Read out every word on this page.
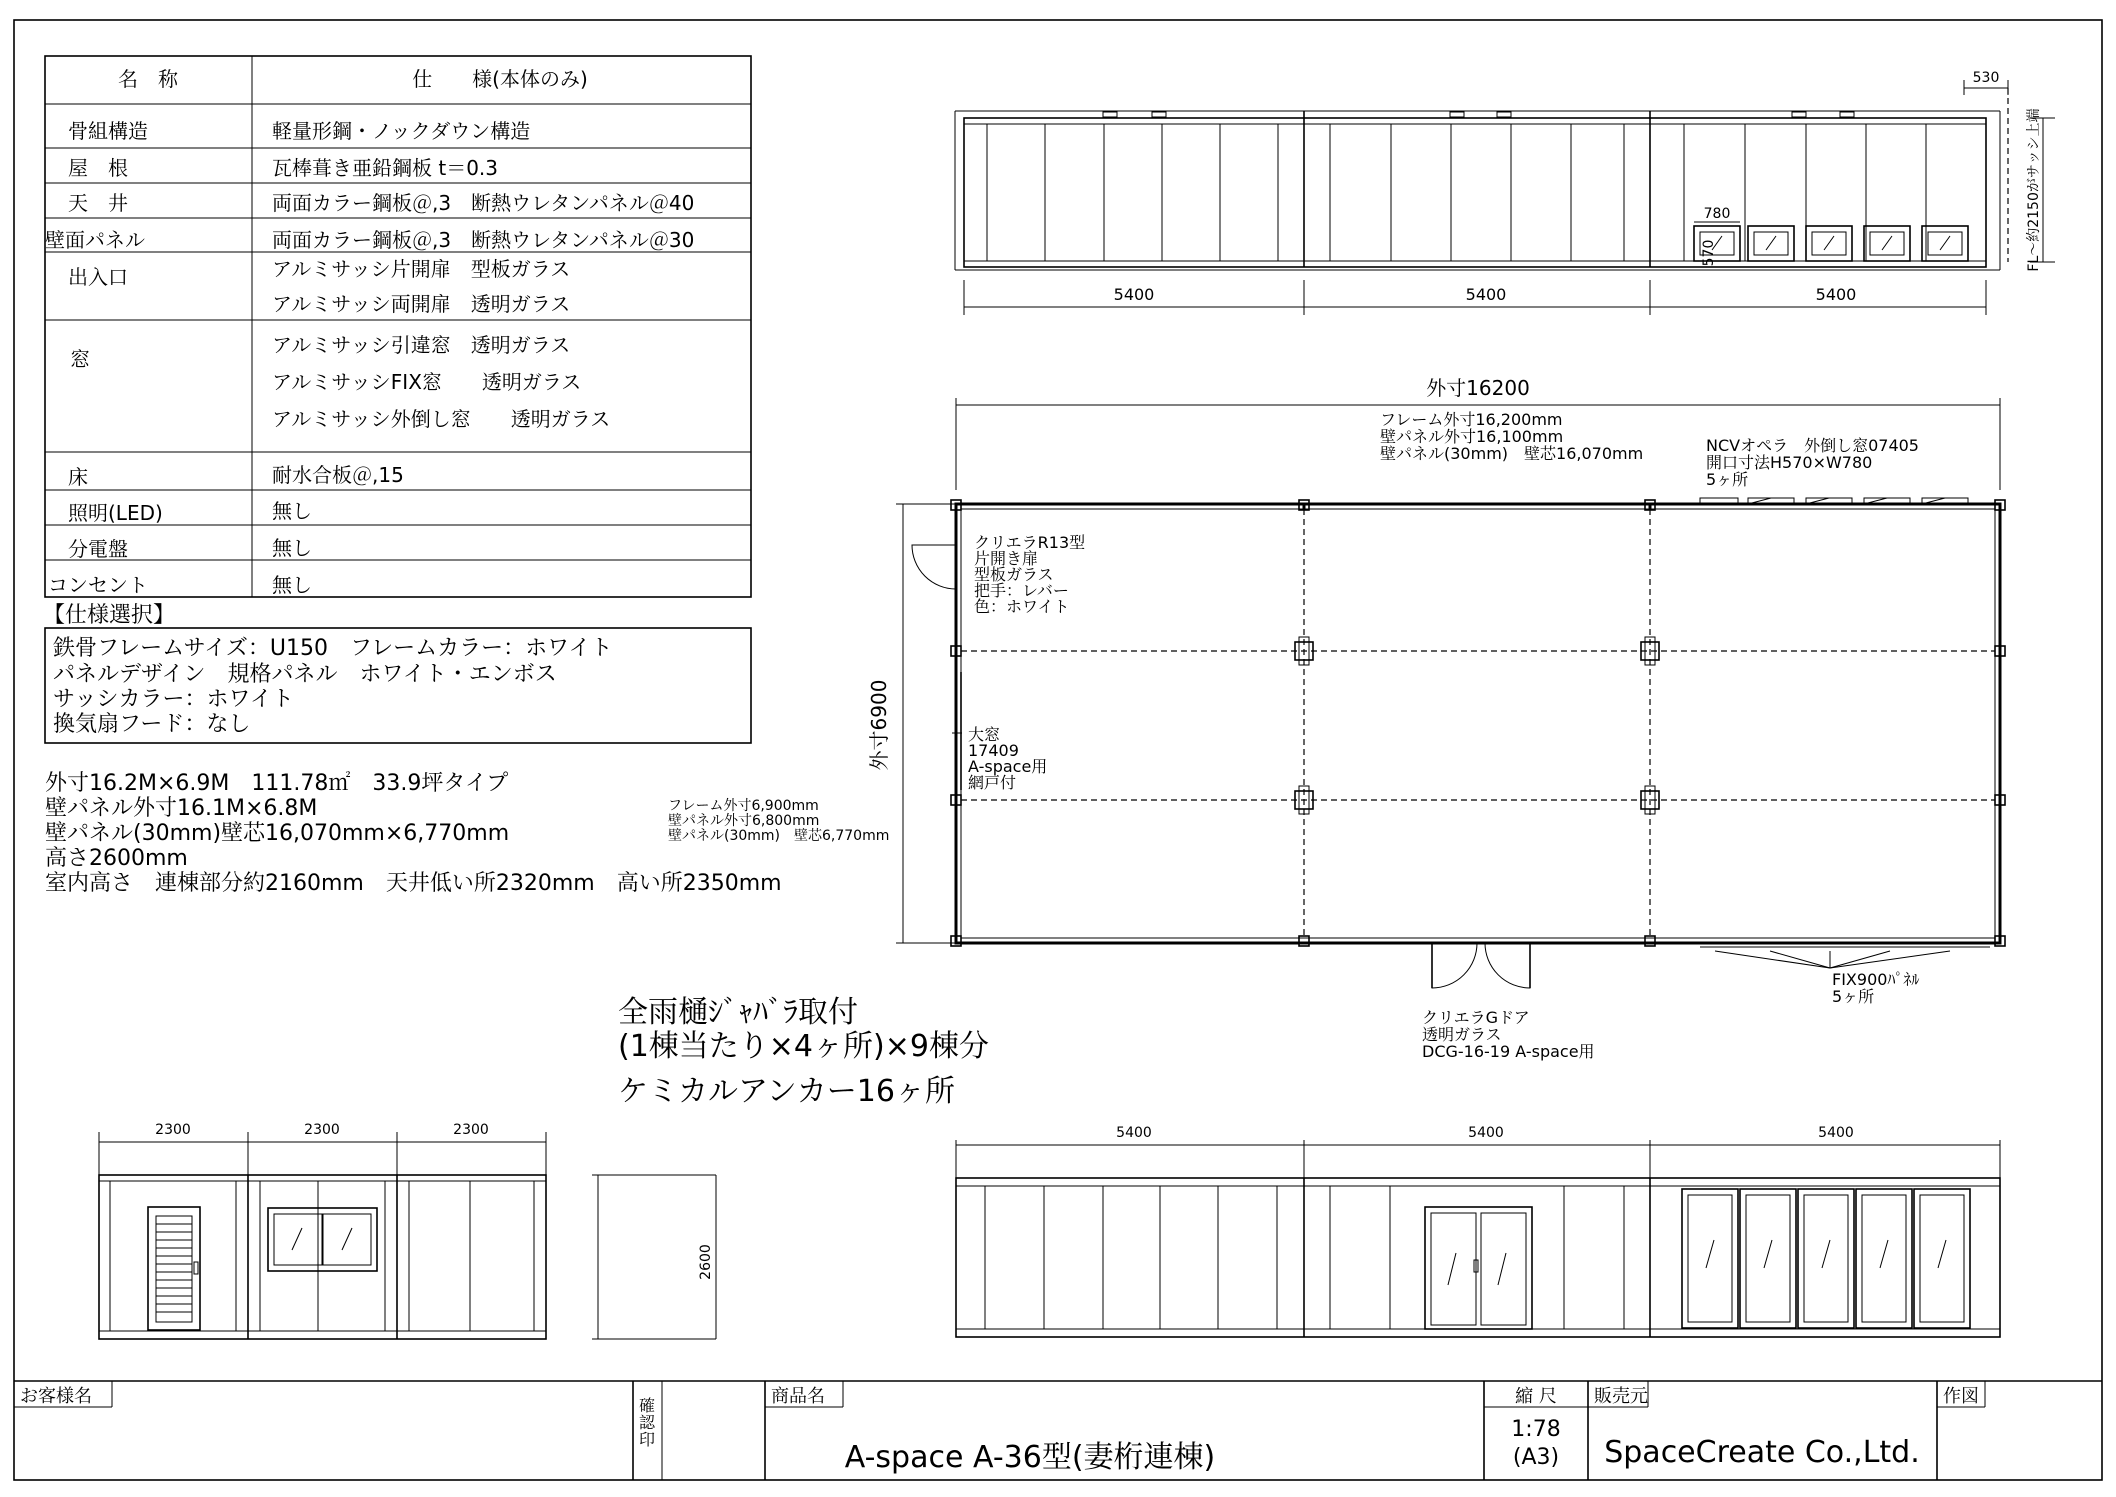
名　称	仕　　様(本体のみ)
骨組構造	軽量形鋼・ノックダウン構造
屋　根	瓦棒葺き亜鉛鋼板 t＝0.3
天　井	両面カラー鋼板＠,3　断熱ウレタンパネル＠40
壁面パネル	両面カラー鋼板＠,3　断熱ウレタンパネル＠30
出入口	アルミサッシ片開扉　型板ガラス
アルミサッシ両開扉　透明ガラス
窓
アルミサッシ引違窓　透明ガラス
アルミサッシFIX窓　　透明ガラス
アルミサッシ外倒し窓　　透明ガラス
床	耐水合板＠,15
照明(LED)	無し
分電盤	無し
コンセント	無し
【仕様選択】
鉄骨フレームサイズ：U150　フレームカラー：ホワイト
パネルデザイン　規格パネル　ホワイト・エンボス
サッシカラー：ホワイト
換気扇フード：なし
外寸16.2M×6.9M　111.78㎡　33.9坪タイプ
壁パネル外寸16.1M×6.8M
壁パネル(30mm)壁芯16,070mm×6,770mm
高さ2600mm
室内高さ　連棟部分約2160mm　天井低い所2320mm　高い所2350mm
全雨樋ｼﾞｬﾊﾞﾗ取付
(1棟当たり×4ヶ所)×9棟分
ケミカルアンカー16ヶ所
780
570
5400	5400	5400
530
FL～約2150がサッシ上端
外寸16200
フレーム外寸16,200mm
壁パネル外寸16,100mm
壁パネル(30mm)　壁芯16,070mm	NCVオペラ　外倒し窓07405
開口寸法H570×W780
5ヶ所
クリエラR13型
片開き扉
型板ガラス
把手：レバー
色：ホワイト
大窓
17409
A-space用
網戸付
外寸6900
フレーム外寸6,900mm
壁パネル外寸6,800mm
壁パネル(30mm)　壁芯6,770mm
クリエラGドア
透明ガラス
DCG-16-19 A-space用
FIX900ﾊﾟﾈﾙ
5ヶ所
2300	2300	2300
2600
5400	5400	5400
お客様名	確
認
印
商品名
A-space A-36型(妻桁連棟)
縮 尺
1:78
(A3)
販売元
SpaceCreate Co.,Ltd.
作図
